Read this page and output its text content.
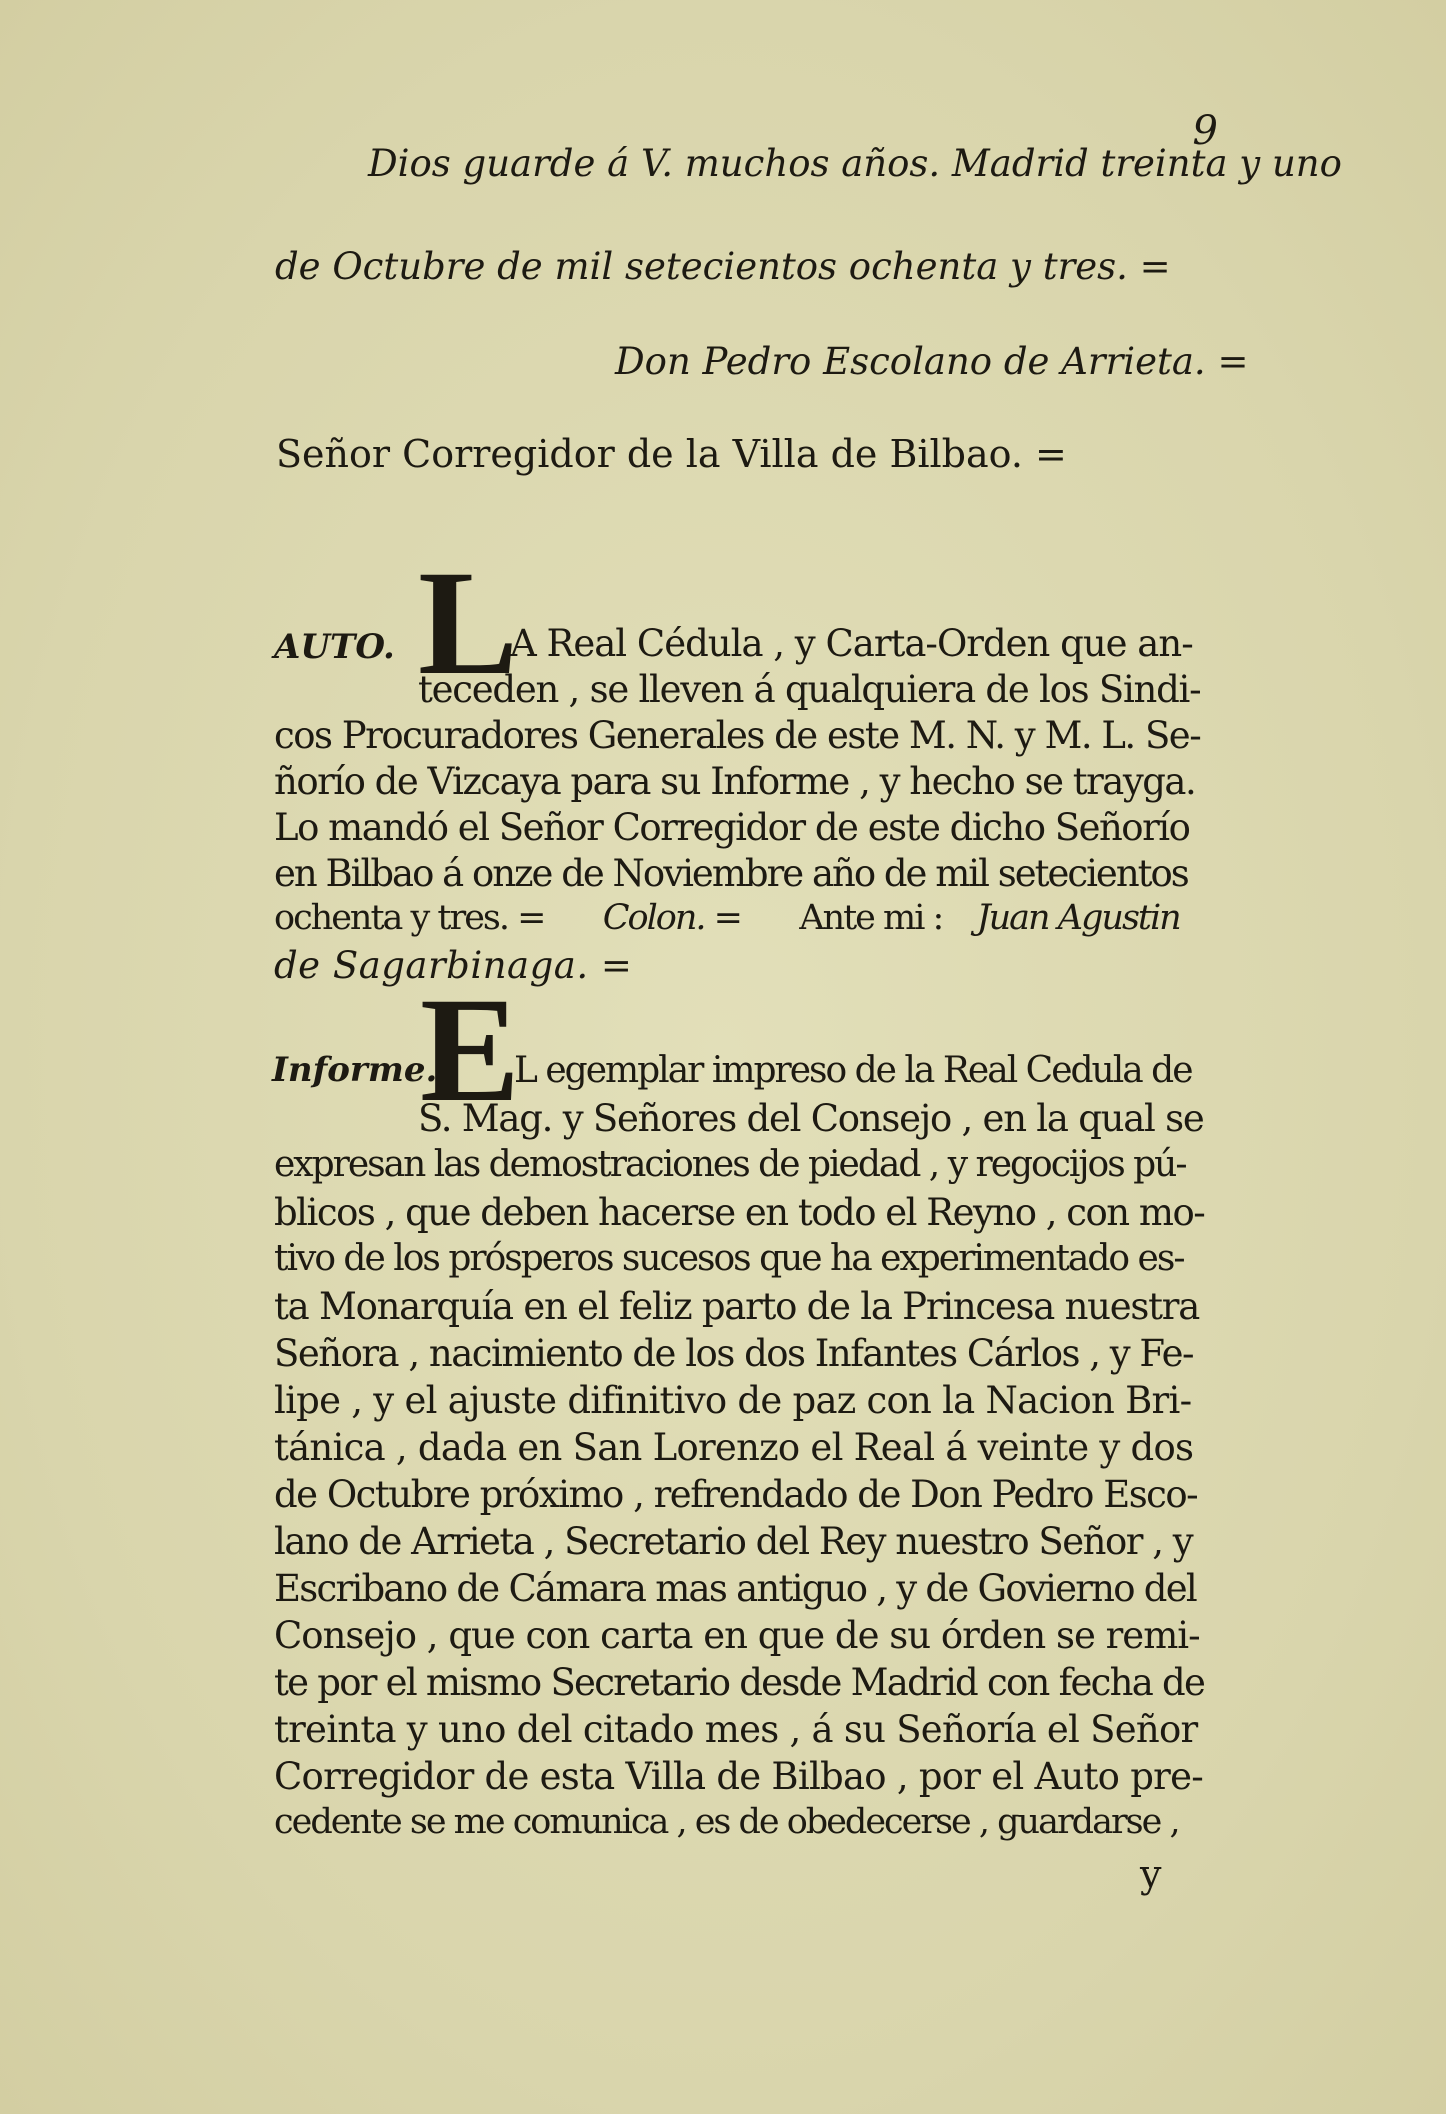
9
Dios guarde á V. muchos años. Madrid treinta y uno
de Octubre de mil setecientos ochenta y tres. =
Don Pedro Escolano de Arrieta. =
Señor Corregidor de la Villa de Bilbao. =
AUTO. L
A Real Cédula , y Carta-Orden que an-
teceden , se lleven á qualquiera de los Sindi-
cos Procuradores Generales de este M. N. y M. L. Se-
ñorío de Vizcaya para su Informe , y hecho se trayga.
Lo mandó el Señor Corregidor de este dicho Señorío
en Bilbao á onze de Noviembre año de mil setecientos
ochenta y tres. = Colon. = Ante mi : Juan Agustin
de Sagarbinaga. =
Informe.
E
L egemplar impreso de la Real Cedula de
S. Mag. y Señores del Consejo , en la qual se
expresan las demostraciones de piedad , y regocijos pú-
blicos , que deben hacerse en todo el Reyno , con mo-
tivo de los prósperos sucesos que ha experimentado es-
ta Monarquía en el feliz parto de la Princesa nuestra
Señora , nacimiento de los dos Infantes Cárlos , y Fe-
lipe , y el ajuste difinitivo de paz con la Nacion Bri-
tánica , dada en San Lorenzo el Real á veinte y dos
de Octubre próximo , refrendado de Don Pedro Esco-
lano de Arrieta , Secretario del Rey nuestro Señor , y
Escribano de Cámara mas antiguo , y de Govierno del
Consejo , que con carta en que de su órden se remi-
te por el mismo Secretario desde Madrid con fecha de
treinta y uno del citado mes , á su Señoría el Señor
Corregidor de esta Villa de Bilbao , por el Auto pre-
cedente se me comunica , es de obedecerse , guardarse ,
y
